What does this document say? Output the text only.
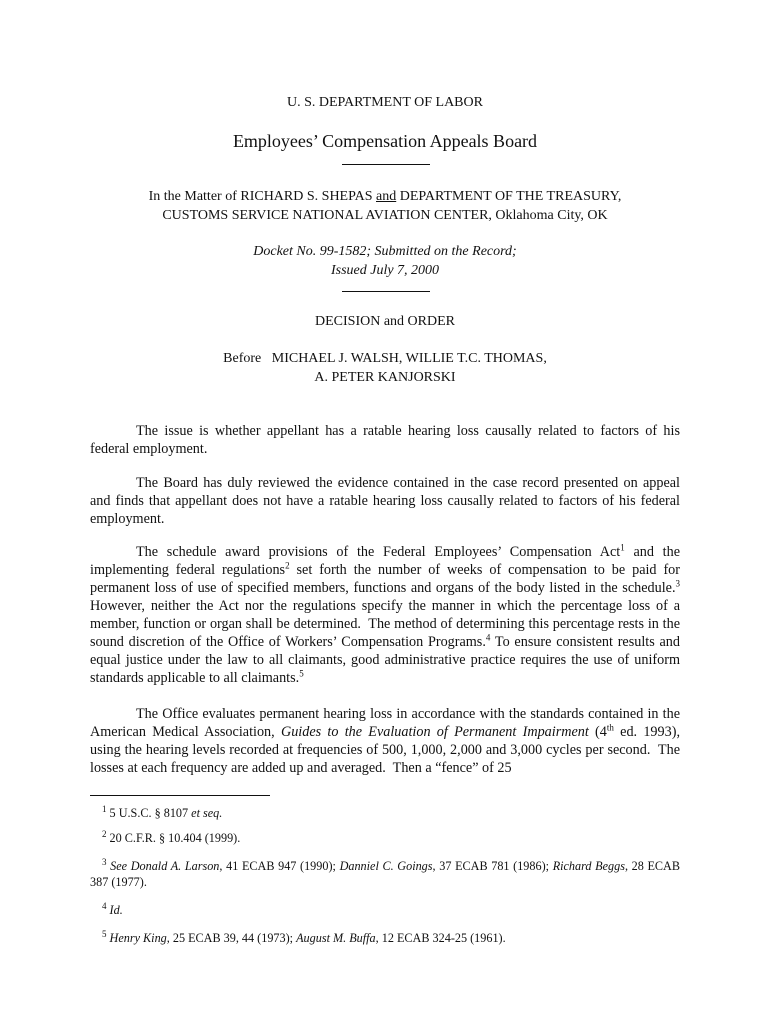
U. S. DEPARTMENT OF LABOR
Employees’ Compensation Appeals Board
In the Matter of RICHARD S. SHEPAS and DEPARTMENT OF THE TREASURY,
CUSTOMS SERVICE NATIONAL AVIATION CENTER, Oklahoma City, OK
Docket No. 99-1582; Submitted on the Record;
Issued July 7, 2000
DECISION and ORDER
Before   MICHAEL J. WALSH, WILLIE T.C. THOMAS,
A. PETER KANJORSKI
The issue is whether appellant has a ratable hearing loss causally related to factors of his federal employment.
The Board has duly reviewed the evidence contained in the case record presented on appeal and finds that appellant does not have a ratable hearing loss causally related to factors of his federal employment.
The schedule award provisions of the Federal Employees’ Compensation Act$^1$ and the implementing federal regulations$^2$ set forth the number of weeks of compensation to be paid for permanent loss of use of specified members, functions and organs of the body listed in the schedule.$^3$  However, neither the Act nor the regulations specify the manner in which the percentage loss of a member, function or organ shall be determined.  The method of determining this percentage rests in the sound discretion of the Office of Workers’ Compensation Programs.$^4$ To ensure consistent results and equal justice under the law to all claimants, good administrative practice requires the use of uniform standards applicable to all claimants.$^5$
The Office evaluates permanent hearing loss in accordance with the standards contained in the American Medical Association, Guides to the Evaluation of Permanent Impairment (4th ed. 1993), using the hearing levels recorded at frequencies of 500, 1,000, 2,000 and 3,000 cycles per second.  The losses at each frequency are added up and averaged.  Then a “fence” of 25
$^1$ 5 U.S.C. § 8107 et seq.
$^2$ 20 C.F.R. § 10.404 (1999).
$^3$ See Donald A. Larson, 41 ECAB 947 (1990); Danniel C. Goings, 37 ECAB 781 (1986); Richard Beggs, 28 ECAB 387 (1977).
$^4$ Id.
$^5$ Henry King, 25 ECAB 39, 44 (1973); August M. Buffa, 12 ECAB 324-25 (1961).
